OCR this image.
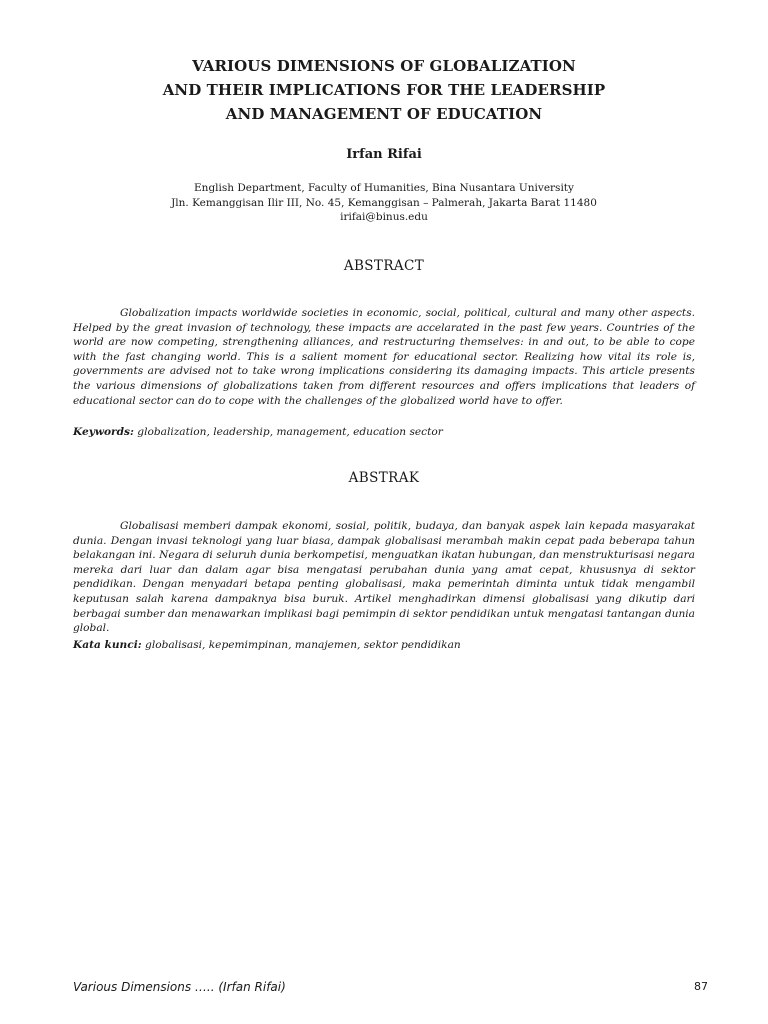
VARIOUS DIMENSIONS OF GLOBALIZATION
AND THEIR IMPLICATIONS FOR THE LEADERSHIP
AND MANAGEMENT OF EDUCATION
Irfan Rifai
English Department, Faculty of Humanities, Bina Nusantara University
Jln. Kemanggisan Ilir III, No. 45, Kemanggisan – Palmerah, Jakarta Barat 11480
irifai@binus.edu
ABSTRACT

Globalization impacts worldwide societies in economic, social, political, cultural and many other aspects. Helped by the great invasion of technology, these impacts are accelarated in the past few years. Countries of the world are now competing, strengthening alliances, and restructuring themselves: in and out, to be able to cope with the fast changing world. This is a salient moment for educational sector. Realizing how vital its role is, governments are advised not to take wrong implications considering its damaging impacts. This article presents the various dimensions of globalizations taken from different resources and offers implications that leaders of educational sector can do to cope with the challenges of the globalized world have to offer.

Keywords: globalization, leadership, management, education sector
ABSTRAK

Globalisasi memberi dampak ekonomi, sosial, politik, budaya, dan banyak aspek lain kepada masyarakat dunia. Dengan invasi teknologi yang luar biasa, dampak globalisasi merambah makin cepat pada beberapa tahun belakangan ini. Negara di seluruh dunia berkompetisi, menguatkan ikatan hubungan, dan menstrukturisasi negara mereka dari luar dan dalam agar bisa mengatasi perubahan dunia yang amat cepat, khususnya di sektor pendidikan. Dengan menyadari betapa penting globalisasi, maka pemerintah diminta untuk tidak mengambil keputusan salah karena dampaknya bisa buruk. Artikel menghadirkan dimensi globalisasi yang dikutip dari berbagai sumber dan menawarkan implikasi bagi pemimpin di sektor pendidikan untuk mengatasi tantangan dunia global.

Kata kunci: globalisasi, kepemimpinan, manajemen, sektor pendidikan
Various Dimensions ….. (Irfan Rifai)	87
